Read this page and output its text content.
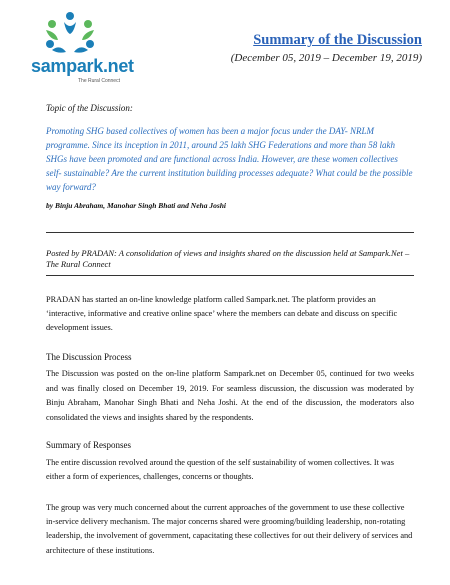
sampark.net
The Rural Connect
Summary of the Discussion

(December 05, 2019 – December 19, 2019)

Topic of the Discussion:

Promoting SHG based collectives of women has been a major focus under the DAY- NRLM programme. Since its inception in 2011, around 25 lakh SHG Federations and more than 58 lakh SHGs have been promoted and are functional across India. However, are these women collectives self- sustainable? Are the current institution building processes adequate? What could be the possible way forward?

by Binju Abraham, Manohar Singh Bhati and Neha Joshi

Posted by PRADAN: A consolidation of views and insights shared on the discussion held at Sampark.Net – The Rural Connect

PRADAN has started an on-line knowledge platform called Sampark.net. The platform provides an ‘interactive, informative and creative online space’ where the members can debate and discuss on specific development issues.

The Discussion Process

The Discussion was posted on the on-line platform Sampark.net on December 05, continued for two weeks and was finally closed on December 19, 2019. For seamless discussion, the discussion was moderated by Binju Abraham, Manohar Singh Bhati and Neha Joshi. At the end of the discussion, the moderators also consolidated the views and insights shared by the respondents.

Summary of Responses

The entire discussion revolved around the question of the self sustainability of women collectives. It was either a form of experiences, challenges, concerns or thoughts.

The group was very much concerned about the current approaches of the government to use these collective in-service delivery mechanism. The major concerns shared were grooming/building leadership, non-rotating leadership, the involvement of government, capacitating these collectives for out their delivery of services and architecture of these institutions.
